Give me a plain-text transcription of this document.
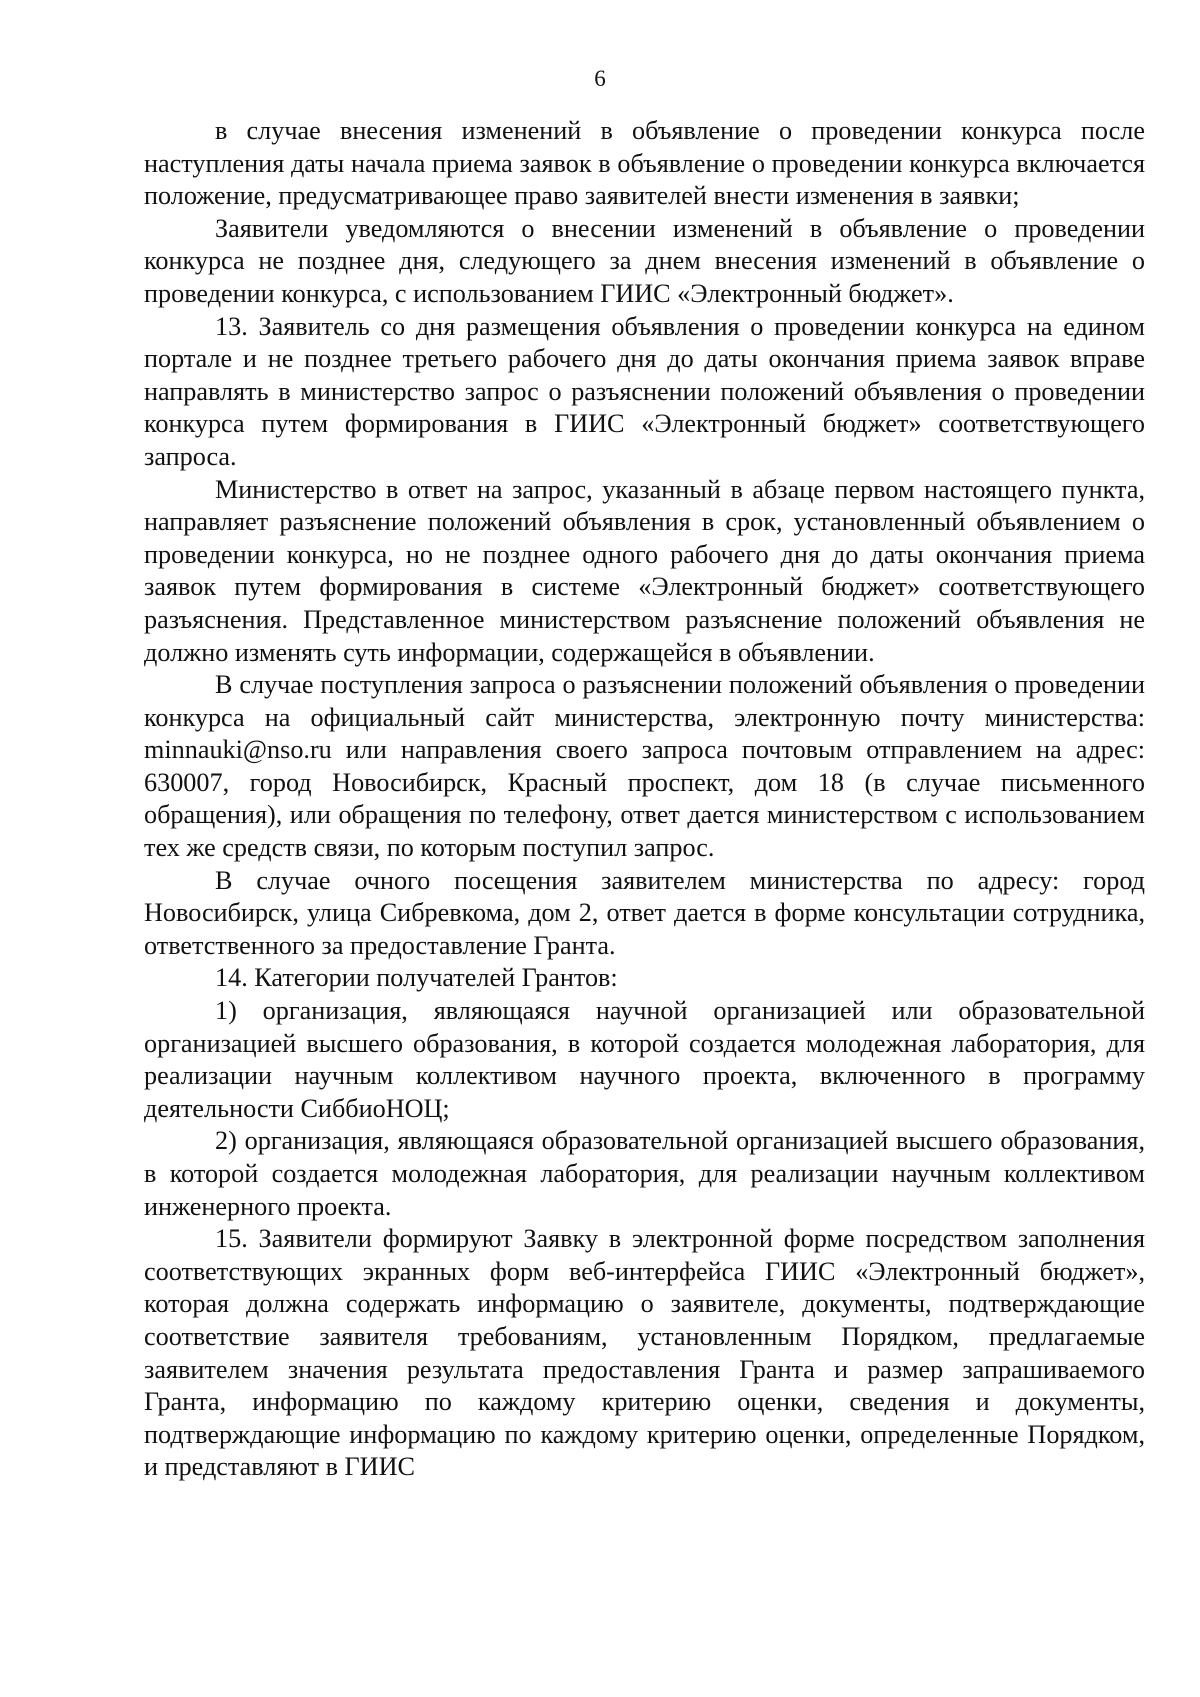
6

в случае внесения изменений в объявление о проведении конкурса после наступления даты начала приема заявок в объявление о проведении конкурса включается положение, предусматривающее право заявителей внести изменения в заявки;

Заявители уведомляются о внесении изменений в объявление о проведении конкурса не позднее дня, следующего за днем внесения изменений в объявление о проведении конкурса, с использованием ГИИС «Электронный бюджет».

13. Заявитель со дня размещения объявления о проведении конкурса на едином портале и не позднее третьего рабочего дня до даты окончания приема заявок вправе направлять в министерство запрос о разъяснении положений объявления о проведении конкурса путем формирования в ГИИС «Электронный бюджет» соответствующего запроса.

Министерство в ответ на запрос, указанный в абзаце первом настоящего пункта, направляет разъяснение положений объявления в срок, установленный объявлением о проведении конкурса, но не позднее одного рабочего дня до даты окончания приема заявок путем формирования в системе «Электронный бюджет» соответствующего разъяснения. Представленное министерством разъяснение положений объявления не должно изменять суть информации, содержащейся в объявлении.

В случае поступления запроса о разъяснении положений объявления о проведении конкурса на официальный сайт министерства, электронную почту министерства: minnauki@nso.ru или направления своего запроса почтовым отправлением на адрес: 630007, город Новосибирск, Красный проспект, дом 18 (в случае письменного обращения), или обращения по телефону, ответ дается министерством с использованием тех же средств связи, по которым поступил запрос.

В случае очного посещения заявителем министерства по адресу: город Новосибирск, улица Сибревкома, дом 2, ответ дается в форме консультации сотрудника, ответственного за предоставление Гранта.

14. Категории получателей Грантов:

1) организация, являющаяся научной организацией или образовательной организацией высшего образования, в которой создается молодежная лаборатория, для реализации научным коллективом научного проекта, включенного в программу деятельности СиббиоНОЦ;

2) организация, являющаяся образовательной организацией высшего образования, в которой создается молодежная лаборатория, для реализации научным коллективом инженерного проекта.

15. Заявители формируют Заявку в электронной форме посредством заполнения соответствующих экранных форм веб-интерфейса ГИИС «Электронный бюджет», которая должна содержать информацию о заявителе, документы, подтверждающие соответствие заявителя требованиям, установленным Порядком, предлагаемые заявителем значения результата предоставления Гранта и размер запрашиваемого Гранта, информацию по каждому критерию оценки, сведения и документы, подтверждающие информацию по каждому критерию оценки, определенные Порядком, и представляют в ГИИС
